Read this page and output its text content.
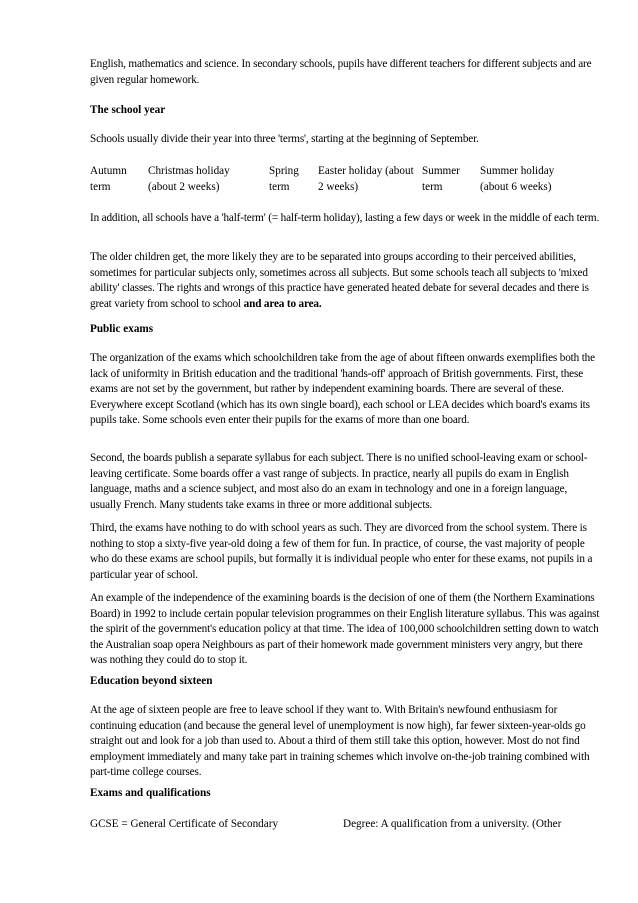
English, mathematics and science. In secondary schools, pupils have different teachers for different subjects and are given regular homework.

The school year

Schools usually divide their year into three 'terms', starting at the beginning of September.

Autumn
term
Christmas holiday
(about 2 weeks)
Spring
term
Easter holiday (about
2 weeks)
Summer
term
Summer holiday
(about 6 weeks)

In addition, all schools have a 'half-term' (= half-term holiday), lasting a few days or week in the middle of each term.

The older children get, the more likely they are to be separated into groups according to their perceived abilities, sometimes for particular subjects only, sometimes across all subjects. But some schools teach all subjects to 'mixed ability' classes. The rights and wrongs of this practice have generated heated debate for several decades and there is great variety from school to school and area to area.

Public exams

The organization of the exams which schoolchildren take from the age of about fifteen onwards exemplifies both the lack of uniformity in British education and the traditional 'hands-off' approach of British governments. First, these exams are not set by the government, but rather by independent examining boards. There are several of these. Everywhere except Scotland (which has its own single board), each school or LEA decides which board's exams its pupils take. Some schools even enter their pupils for the exams of more than one board.

Second, the boards publish a separate syllabus for each subject. There is no unified school-leaving exam or school-leaving certificate. Some boards offer a vast range of subjects. In practice, nearly all pupils do exam in English language, maths and a science subject, and most also do an exam in technology and one in a foreign language, usually French. Many students take exams in three or more additional subjects.

Third, the exams have nothing to do with school years as such. They are divorced from the school system. There is nothing to stop a sixty-five year-old doing a few of them for fun. In practice, of course, the vast majority of people who do these exams are school pupils, but formally it is individual people who enter for these exams, not pupils in a particular year of school.

An example of the independence of the examining boards is the decision of one of them (the Northern Examinations Board) in 1992 to include certain popular television programmes on their English literature syllabus. This was against the spirit of the government's education policy at that time. The idea of 100,000 schoolchildren setting down to watch the Australian soap opera Neighbours as part of their homework made government ministers very angry, but there was nothing they could do to stop it.

Education beyond sixteen

At the age of sixteen people are free to leave school if they want to. With Britain's newfound enthusiasm for continuing education (and because the general level of unemployment is now high), far fewer sixteen-year-olds go straight out and look for a job than used to. About a third of them still take this option, however. Most do not find employment immediately and many take part in training schemes which involve on-the-job training combined with part-time college courses.

Exams and qualifications
GCSE = General Certificate of Secondary	Degree: A qualification from a university. (Other
